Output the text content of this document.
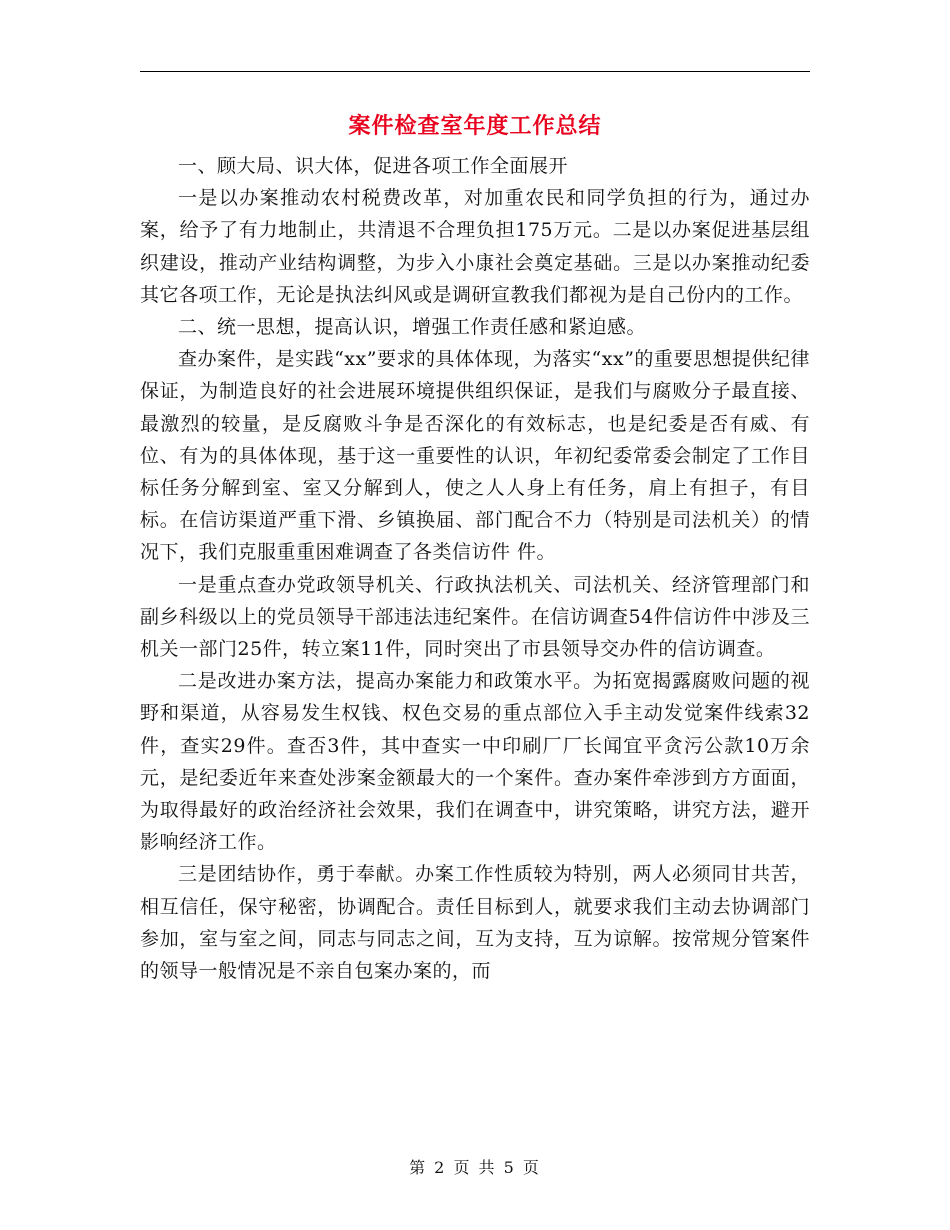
案件检查室年度工作总结

一、顾大局、识大体，促进各项工作全面展开

一是以办案推动农村税费改革，对加重农民和同学负担的行为，通过办案，给予了有力地制止，共清退不合理负担175万元。二是以办案促进基层组织建设，推动产业结构调整，为步入小康社会奠定基础。三是以办案推动纪委其它各项工作，无论是执法纠风或是调研宣教我们都视为是自己份内的工作。

二、统一思想，提高认识，增强工作责任感和紧迫感。

查办案件，是实践“xx”要求的具体体现，为落实“xx”的重要思想提供纪律保证，为制造良好的社会进展环境提供组织保证，是我们与腐败分子最直接、最激烈的较量，是反腐败斗争是否深化的有效标志，也是纪委是否有威、有位、有为的具体体现，基于这一重要性的认识，年初纪委常委会制定了工作目标任务分解到室、室又分解到人，使之人人身上有任务，肩上有担子，有目标。在信访渠道严重下滑、乡镇换届、部门配合不力（特别是司法机关）的情况下，我们克服重重困难调查了各类信访件 件。

一是重点查办党政领导机关、行政执法机关、司法机关、经济管理部门和副乡科级以上的党员领导干部违法违纪案件。在信访调查54件信访件中涉及三机关一部门25件，转立案11件，同时突出了市县领导交办件的信访调查。

二是改进办案方法，提高办案能力和政策水平。为拓宽揭露腐败问题的视野和渠道，从容易发生权钱、权色交易的重点部位入手主动发觉案件线索32件，查实29件。查否3件，其中查实一中印刷厂厂长闻宜平贪污公款10万余元，是纪委近年来查处涉案金额最大的一个案件。查办案件牵涉到方方面面，为取得最好的政治经济社会效果，我们在调查中，讲究策略，讲究方法，避开影响经济工作。

三是团结协作，勇于奉献。办案工作性质较为特别，两人必须同甘共苦，相互信任，保守秘密，协调配合。责任目标到人，就要求我们主动去协调部门参加，室与室之间，同志与同志之间，互为支持，互为谅解。按常规分管案件的领导一般情况是不亲自包案办案的，而

第 2 页 共 5 页
